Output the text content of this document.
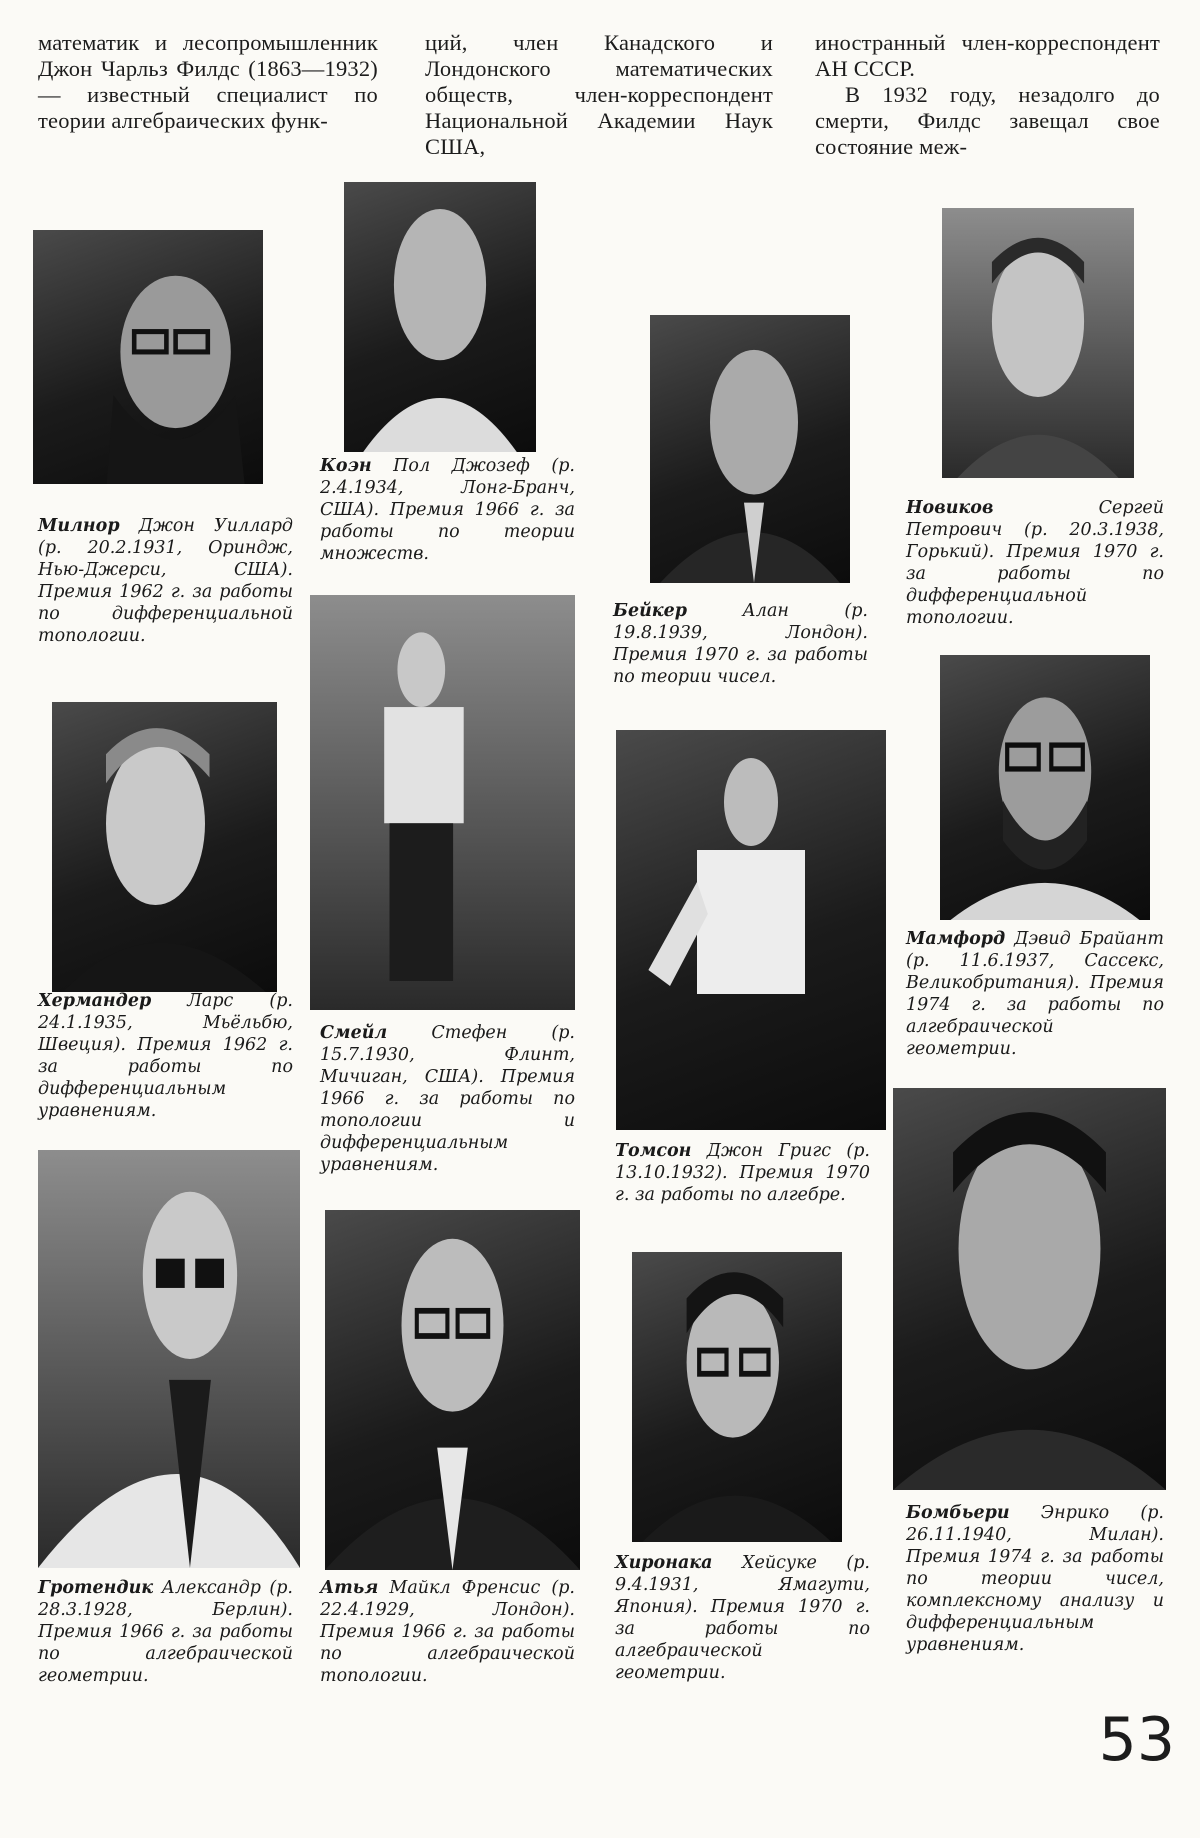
математик и лесопромышленник Джон Чарльз Филдс (1863—1932) — известный специалист по теории алгебраических функ-

ций, член Канадского и Лондонского математических обществ, член-корреспондент Национальной Академии Наук США,

иностранный член-корреспондент АН СССР.

В 1932 году, незадолго до смерти, Филдс завещал свое состояние меж-

Милнор Джон Уиллард (р. 20.2.1931, Ориндж, Нью-Джерси, США). Премия 1962 г. за работы по дифференциальной топологии.

Коэн Пол Джозеф (р. 2.4.1934, Лонг-Бранч, США). Премия 1966 г. за работы по теории множеств.

Бейкер	Алан (р. 19.8.1939, Лондон). Премия 1970 г. за работы по теории чисел.

Новиков	Сергей Петрович (р. 20.3.1938, Горький). Премия 1970 г. за работы по дифференциальной топологии.

Хермандер Ларс (р. 24.1.1935, Мьёльбю, Швеция). Премия 1962 г. за работы по дифференциальным уравнениям.

Смейл	Стефен (р. 15.7.1930, Флинт, Мичиган, США). Премия 1966 г. за работы по топологии и дифференциальным уравнениям.

Томсон Джон Григс (р. 13.10.1932). Премия 1970 г. за работы по алгебре.

Мамфорд Дэвид Брайант (р. 11.6.1937, Сассекс, Великобритания). Премия 1974 г. за работы по алгебраической геометрии.

Гротендик Александр (р. 28.3.1928, Берлин). Премия 1966 г. за работы по алгебраической геометрии.

Атья Майкл Френсис (р. 22.4.1929, Лондон). Премия 1966 г. за работы по алгебраической топологии.

Хиронака Хейсуке (р. 9.4.1931, Ямагути, Япония). Премия 1970 г. за работы по алгебраической геометрии.

Бомбьери Энрико (р. 26.11.1940, Милан). Премия 1974 г. за работы по теории чисел, комплексному анализу и дифференциальным уравнениям.

53
